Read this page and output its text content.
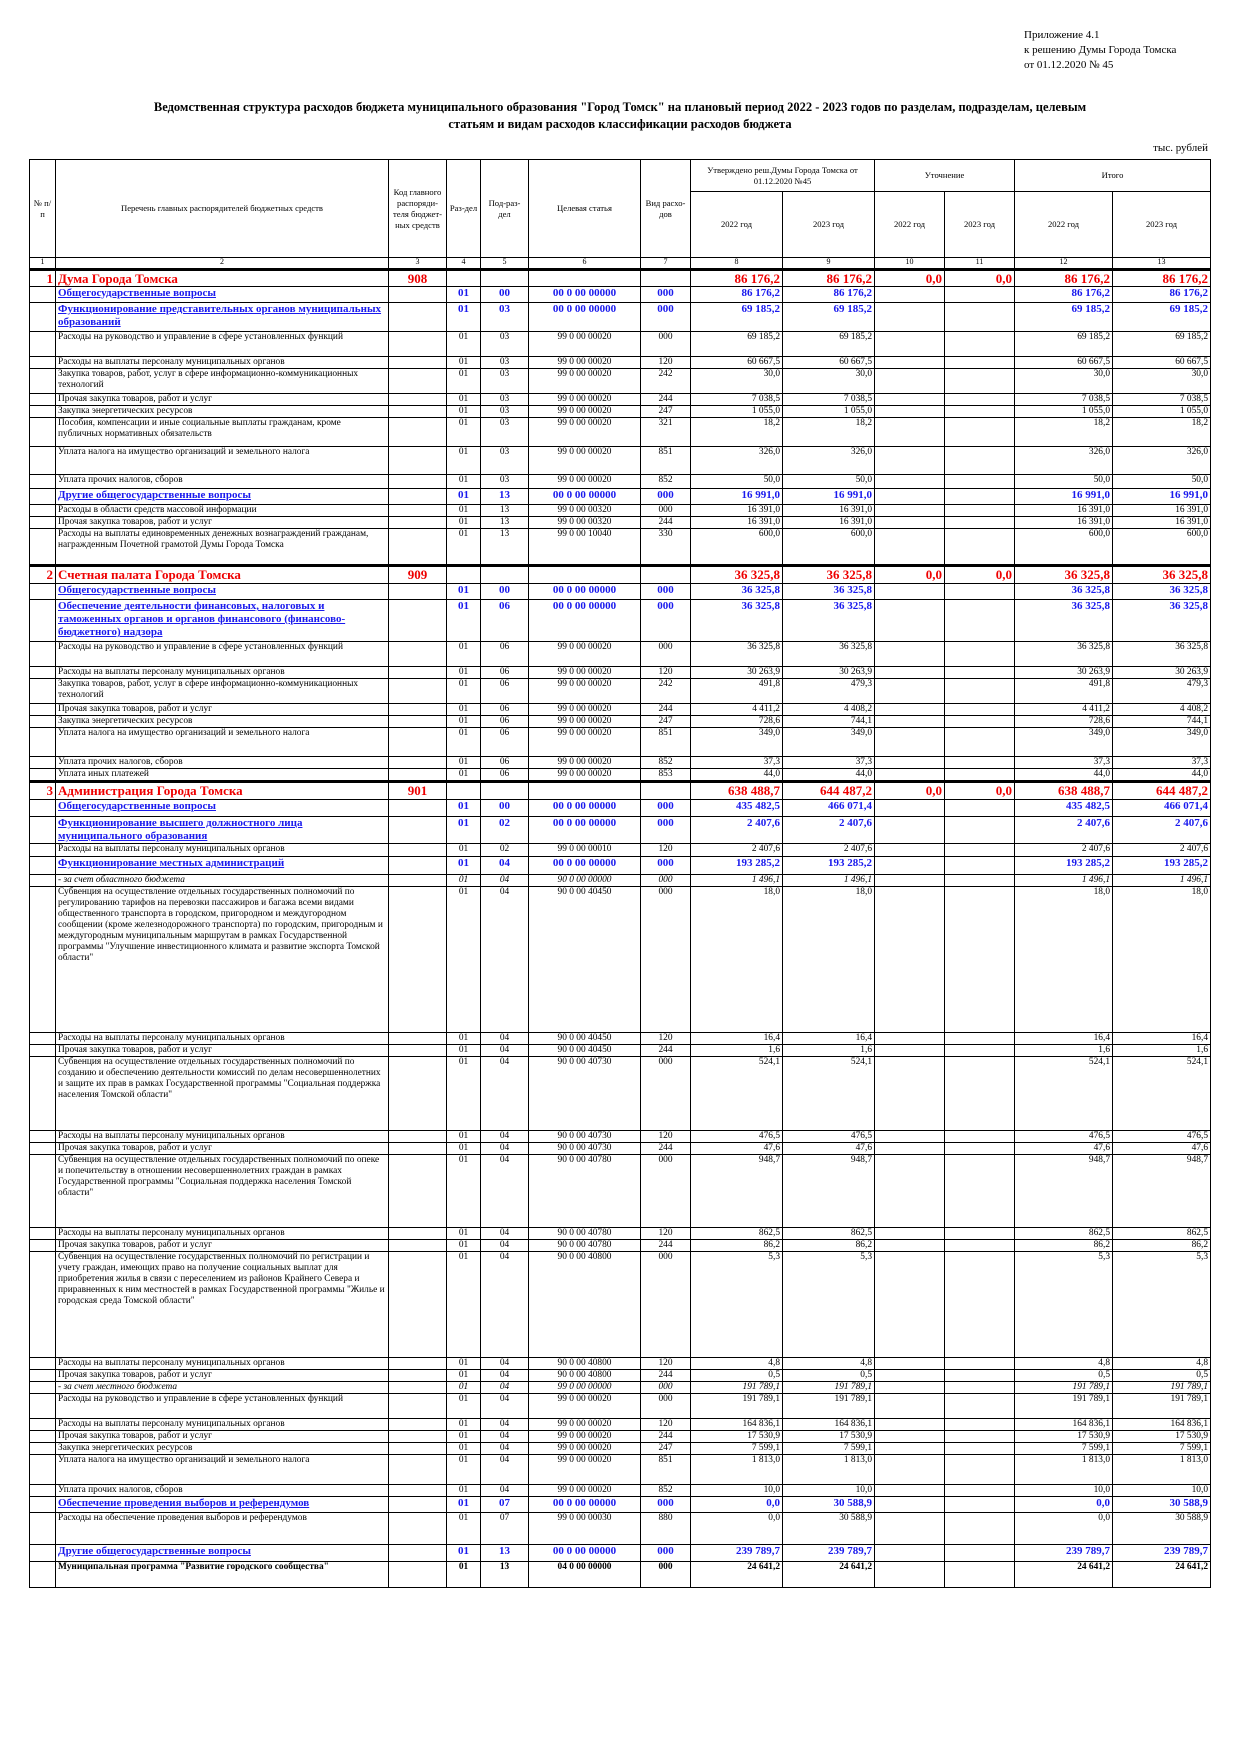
Приложение 4.1
к решению Думы Города Томска
от 01.12.2020 № 45
Ведомственная структура расходов бюджета муниципального образования "Город Томск" на плановый период 2022 - 2023 годов по разделам, подразделам, целевым
статьям и видам расходов классификации расходов бюджета
тыс. рублей
№ п/п	Перечень главных распорядителей бюджетных средств	Код главного распоряди-теля бюджет-ных средств	Раз-дел	Под-раз-дел	Целевая статья	Вид расхо-дов	Утверждено реш.Думы Города Томска от 01.12.2020 №45		Уточнение		Итого	
							2022 год	2023 год	2022 год	2023 год	2022 год	2023 год
1	2	3	4	5	6	7	8	9	10	11	12	13
1	Дума Города Томска	908					86 176,2	86 176,2	0,0	0,0	86 176,2	86 176,2
	Общегосударственные вопросы		01	00	00 0 00 00000	000	86 176,2	86 176,2			86 176,2	86 176,2
	Функционирование представительных органов муниципальных образований		01	03	00 0 00 00000	000	69 185,2	69 185,2			69 185,2	69 185,2
	Расходы на руководство и управление в сфере установленных функций		01	03	99 0 00 00020	000	69 185,2	69 185,2			69 185,2	69 185,2
	Расходы на выплаты персоналу муниципальных органов		01	03	99 0 00 00020	120	60 667,5	60 667,5			60 667,5	60 667,5
	Закупка товаров, работ, услуг в сфере информационно-коммуникационных технологий		01	03	99 0 00 00020	242	30,0	30,0			30,0	30,0
	Прочая закупка товаров, работ и услуг		01	03	99 0 00 00020	244	7 038,5	7 038,5			7 038,5	7 038,5
	Закупка энергетических ресурсов		01	03	99 0 00 00020	247	1 055,0	1 055,0			1 055,0	1 055,0
	Пособия, компенсации и иные социальные выплаты гражданам, кроме публичных нормативных обязательств		01	03	99 0 00 00020	321	18,2	18,2			18,2	18,2
	Уплата налога на имущество организаций и земельного налога		01	03	99 0 00 00020	851	326,0	326,0			326,0	326,0
	Уплата прочих налогов, сборов		01	03	99 0 00 00020	852	50,0	50,0			50,0	50,0
	Другие общегосударственные вопросы		01	13	00 0 00 00000	000	16 991,0	16 991,0			16 991,0	16 991,0
	Расходы в области средств массовой информации		01	13	99 0 00 00320	000	16 391,0	16 391,0			16 391,0	16 391,0
	Прочая закупка товаров, работ и услуг		01	13	99 0 00 00320	244	16 391,0	16 391,0			16 391,0	16 391,0
	Расходы на выплаты единовременных денежных вознаграждений гражданам, награжденным Почетной грамотой Думы Города Томска		01	13	99 0 00 10040	330	600,0	600,0			600,0	600,0
2	Счетная палата Города Томска	909					36 325,8	36 325,8	0,0	0,0	36 325,8	36 325,8
	Общегосударственные вопросы		01	00	00 0 00 00000	000	36 325,8	36 325,8			36 325,8	36 325,8
	Обеспечение деятельности финансовых, налоговых и таможенных органов и органов финансового (финансово-бюджетного) надзора		01	06	00 0 00 00000	000	36 325,8	36 325,8			36 325,8	36 325,8
	Расходы на руководство и управление в сфере установленных функций		01	06	99 0 00 00020	000	36 325,8	36 325,8			36 325,8	36 325,8
	Расходы на выплаты персоналу муниципальных органов		01	06	99 0 00 00020	120	30 263,9	30 263,9			30 263,9	30 263,9
	Закупка товаров, работ, услуг в сфере информационно-коммуникационных технологий		01	06	99 0 00 00020	242	491,8	479,3			491,8	479,3
	Прочая закупка товаров, работ и услуг		01	06	99 0 00 00020	244	4 411,2	4 408,2			4 411,2	4 408,2
	Закупка энергетических ресурсов		01	06	99 0 00 00020	247	728,6	744,1			728,6	744,1
	Уплата налога на имущество организаций и земельного налога		01	06	99 0 00 00020	851	349,0	349,0			349,0	349,0
	Уплата прочих налогов, сборов		01	06	99 0 00 00020	852	37,3	37,3			37,3	37,3
	Уплата иных платежей		01	06	99 0 00 00020	853	44,0	44,0			44,0	44,0
3	Администрация Города Томска	901					638 488,7	644 487,2	0,0	0,0	638 488,7	644 487,2
	Общегосударственные вопросы		01	00	00 0 00 00000	000	435 482,5	466 071,4			435 482,5	466 071,4
	Функционирование высшего должностного лица муниципального образования		01	02	00 0 00 00000	000	2 407,6	2 407,6			2 407,6	2 407,6
	Расходы на выплаты персоналу муниципальных органов		01	02	99 0 00 00010	120	2 407,6	2 407,6			2 407,6	2 407,6
	Функционирование местных администраций		01	04	00 0 00 00000	000	193 285,2	193 285,2			193 285,2	193 285,2
	- за счет областного бюджета		01	04	90 0 00 00000	000	1 496,1	1 496,1			1 496,1	1 496,1
	Субвенция на осуществление отдельных государственных полномочий по регулированию тарифов на перевозки пассажиров и багажа всеми видами общественного транспорта в городском, пригородном и междугородном сообщении (кроме железнодорожного транспорта) по городским, пригородным и междугородным муниципальным маршрутам в рамках Государственной программы "Улучшение инвестиционного климата и развитие экспорта Томской области"		01	04	90 0 00 40450	000	18,0	18,0			18,0	18,0
	Расходы на выплаты персоналу муниципальных органов		01	04	90 0 00 40450	120	16,4	16,4			16,4	16,4
	Прочая закупка товаров, работ и услуг		01	04	90 0 00 40450	244	1,6	1,6			1,6	1,6
	Субвенция на осуществление отдельных государственных полномочий по созданию и обеспечению деятельности комиссий по делам несовершеннолетних и защите их прав в рамках Государственной программы "Социальная поддержка населения Томской области"		01	04	90 0 00 40730	000	524,1	524,1			524,1	524,1
	Расходы на выплаты персоналу муниципальных органов		01	04	90 0 00 40730	120	476,5	476,5			476,5	476,5
	Прочая закупка товаров, работ и услуг		01	04	90 0 00 40730	244	47,6	47,6			47,6	47,6
	Субвенция на осуществление отдельных государственных полномочий по опеке и попечительству в отношении несовершеннолетних граждан в рамках Государственной программы "Социальная поддержка населения Томской области"		01	04	90 0 00 40780	000	948,7	948,7			948,7	948,7
	Расходы на выплаты персоналу муниципальных органов		01	04	90 0 00 40780	120	862,5	862,5			862,5	862,5
	Прочая закупка товаров, работ и услуг		01	04	90 0 00 40780	244	86,2	86,2			86,2	86,2
	Субвенция на осуществление государственных полномочий по регистрации и учету граждан, имеющих право на получение социальных выплат для приобретения жилья в связи с переселением из районов Крайнего Севера и приравненных к ним местностей в рамках Государственной программы "Жилье и городская среда Томской области"		01	04	90 0 00 40800	000	5,3	5,3			5,3	5,3
	Расходы на выплаты персоналу муниципальных органов		01	04	90 0 00 40800	120	4,8	4,8			4,8	4,8
	Прочая закупка товаров, работ и услуг		01	04	90 0 00 40800	244	0,5	0,5			0,5	0,5
	- за счет местного бюджета		01	04	99 0 00 00000	000	191 789,1	191 789,1			191 789,1	191 789,1
	Расходы на руководство и управление в сфере установленных функций		01	04	99 0 00 00020	000	191 789,1	191 789,1			191 789,1	191 789,1
	Расходы на выплаты персоналу муниципальных органов		01	04	99 0 00 00020	120	164 836,1	164 836,1			164 836,1	164 836,1
	Прочая закупка товаров, работ и услуг		01	04	99 0 00 00020	244	17 530,9	17 530,9			17 530,9	17 530,9
	Закупка энергетических ресурсов		01	04	99 0 00 00020	247	7 599,1	7 599,1			7 599,1	7 599,1
	Уплата налога на имущество организаций и земельного налога		01	04	99 0 00 00020	851	1 813,0	1 813,0			1 813,0	1 813,0
	Уплата прочих налогов, сборов		01	04	99 0 00 00020	852	10,0	10,0			10,0	10,0
	Обеспечение проведения выборов и референдумов		01	07	00 0 00 00000	000	0,0	30 588,9			0,0	30 588,9
	Расходы на обеспечение проведения выборов и референдумов		01	07	99 0 00 00030	880	0,0	30 588,9			0,0	30 588,9
	Другие общегосударственные вопросы		01	13	00 0 00 00000	000	239 789,7	239 789,7			239 789,7	239 789,7
	Муниципальная программа "Развитие городского сообщества"		01	13	04 0 00 00000	000	24 641,2	24 641,2			24 641,2	24 641,2
